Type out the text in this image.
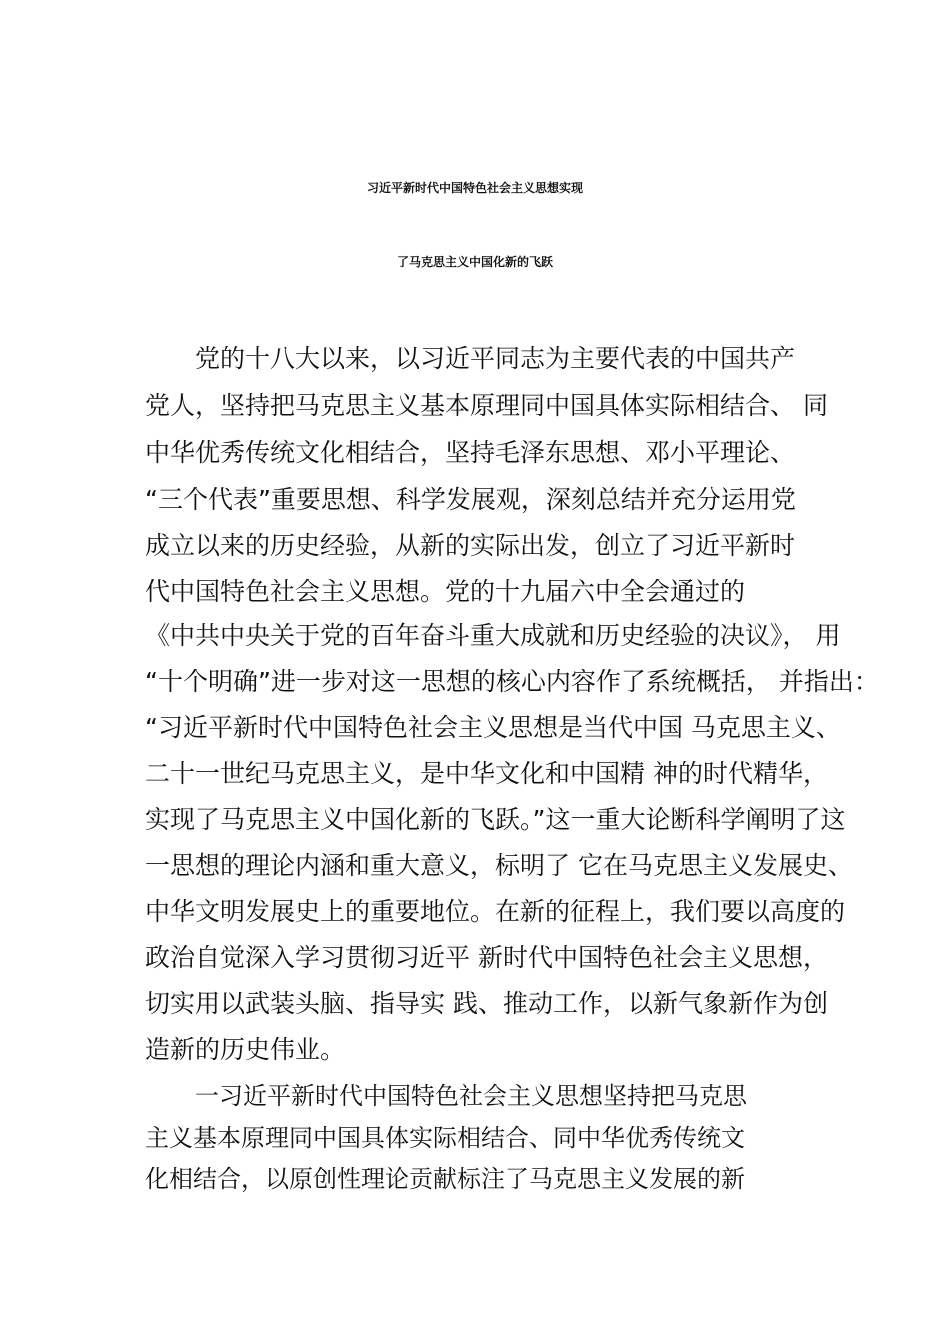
习近平新时代中国特色社会主义思想实现
了马克思主义中国化新的飞跃
党的十八大以来，以习近平同志为主要代表的中国共产
党人，坚持把马克思主义基本原理同中国具体实际相结合、 同
中华优秀传统文化相结合，坚持毛泽东思想、邓小平理论、
“三个代表”重要思想、科学发展观，深刻总结并充分运用党
成立以来的历史经验，从新的实际出发，创立了习近平新时
代中国特色社会主义思想。党的十九届六中全会通过的
《中共中央关于党的百年奋斗重大成就和历史经验的决议》， 用
“十个明确”进一步对这一思想的核心内容作了系统概括， 并指出：
“习近平新时代中国特色社会主义思想是当代中国 马克思主义、
二十一世纪马克思主义，是中华文化和中国精 神的时代精华，
实现了马克思主义中国化新的飞跃。”这一重大论断科学阐明了这
一思想的理论内涵和重大意义，标明了 它在马克思主义发展史、
中华文明发展史上的重要地位。在新的征程上，我们要以高度的
政治自觉深入学习贯彻习近平 新时代中国特色社会主义思想，
切实用以武装头脑、指导实 践、推动工作，以新气象新作为创
造新的历史伟业。
一习近平新时代中国特色社会主义思想坚持把马克思
主义基本原理同中国具体实际相结合、同中华优秀传统文
化相结合，以原创性理论贡献标注了马克思主义发展的新
